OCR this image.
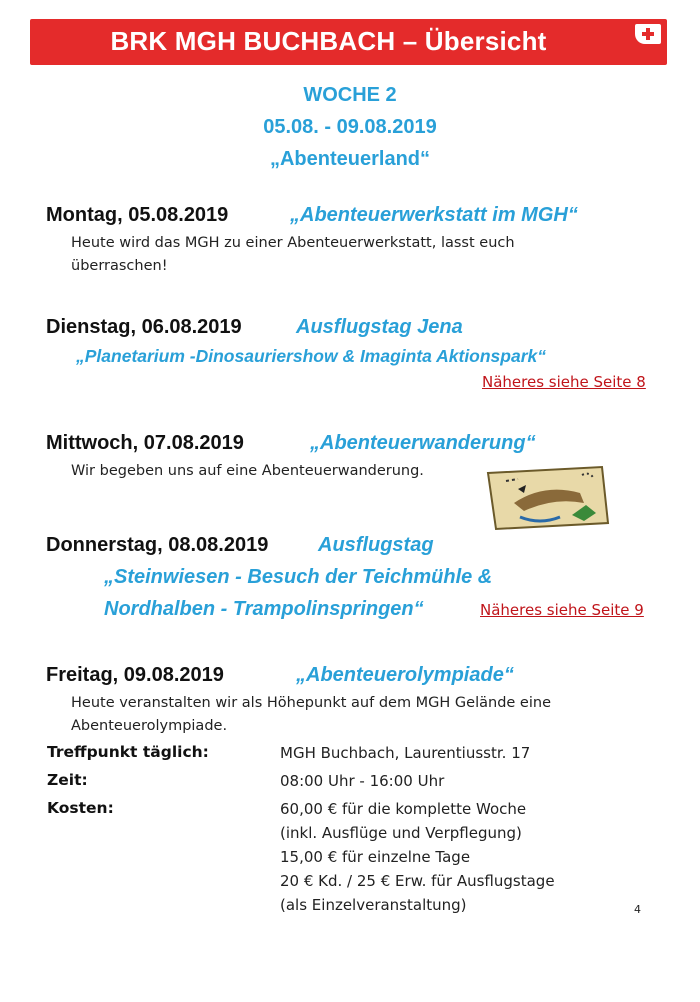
BRK MGH BUCHBACH – Übersicht
WOCHE 2
05.08. - 09.08.2019
„Abenteuerland“
Montag, 05.08.2019	„Abenteuerwerkstatt im MGH“
Heute wird das MGH zu einer Abenteuerwerkstatt, lasst euch
überraschen!
Dienstag, 06.08.2019	Ausflugstag Jena
„Planetarium -Dinosauriershow & Imaginta Aktionspark“
Näheres siehe Seite 8
Mittwoch, 07.08.2019	„Abenteuerwanderung“
Wir begeben uns auf eine Abenteuerwanderung.
Donnerstag, 08.08.2019 Ausflugstag
„Steinwiesen - Besuch der Teichmühle &
Nordhalben - Trampolinspringen“	Näheres siehe Seite 9
Freitag, 09.08.2019	„Abenteuerolympiade“
Heute veranstalten wir als Höhepunkt auf dem MGH Gelände eine
Abenteuerolympiade.
Treffpunkt täglich:	MGH Buchbach, Laurentiusstr. 17
Zeit:	08:00 Uhr - 16:00 Uhr
Kosten:	60,00 € für die komplette Woche
(inkl. Ausflüge und Verpflegung)
15,00 € für einzelne Tage
20 € Kd. / 25 € Erw. für Ausflugstage
(als Einzelveranstaltung)	4
